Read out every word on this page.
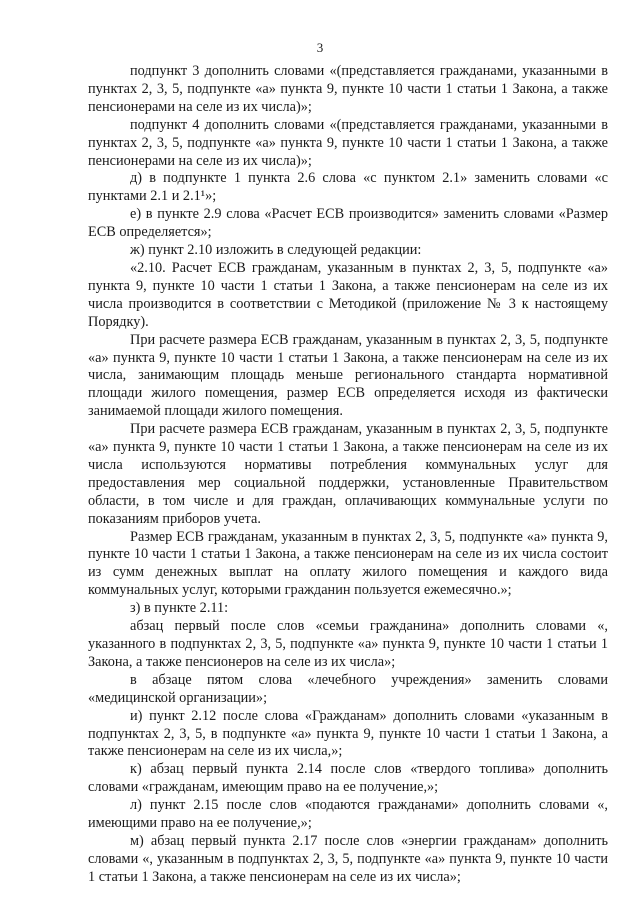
3

подпункт 3 дополнить словами «(представляется гражданами, указанными в пунктах 2, 3, 5, подпункте «а» пункта 9, пункте 10 части 1 статьи 1 Закона, а также пенсионерами на селе из их числа)»;

подпункт 4 дополнить словами «(представляется гражданами, указанными в пунктах 2, 3, 5, подпункте «а» пункта 9, пункте 10 части 1 статьи 1 Закона, а также пенсионерами на селе из их числа)»;

д) в подпункте 1 пункта 2.6 слова «с пунктом 2.1» заменить словами «с пунктами 2.1 и 2.1¹»;

е) в пункте 2.9 слова «Расчет ЕСВ производится» заменить словами «Размер ЕСВ определяется»;

ж) пункт 2.10 изложить в следующей редакции:

«2.10. Расчет ЕСВ гражданам, указанным в пунктах 2, 3, 5, подпункте «а» пункта 9, пункте 10 части 1 статьи 1 Закона, а также пенсионерам на селе из их числа производится в соответствии с Методикой (приложение № 3 к настоящему Порядку).

При расчете размера ЕСВ гражданам, указанным в пунктах 2, 3, 5, подпункте «а» пункта 9, пункте 10 части 1 статьи 1 Закона, а также пенсионерам на селе из их числа, занимающим площадь меньше регионального стандарта нормативной площади жилого помещения, размер ЕСВ определяется исходя из фактически занимаемой площади жилого помещения.

При расчете размера ЕСВ гражданам, указанным в пунктах 2, 3, 5, подпункте «а» пункта 9, пункте 10 части 1 статьи 1 Закона, а также пенсионерам на селе из их числа используются нормативы потребления коммунальных услуг для предоставления мер социальной поддержки, установленные Правительством области, в том числе и для граждан, оплачивающих коммунальные услуги по показаниям приборов учета.

Размер ЕСВ гражданам, указанным в пунктах 2, 3, 5, подпункте «а» пункта 9, пункте 10 части 1 статьи 1 Закона, а также пенсионерам на селе из их числа состоит из сумм денежных выплат на оплату жилого помещения и каждого вида коммунальных услуг, которыми гражданин пользуется ежемесячно.»;

з) в пункте 2.11:

абзац первый после слов «семьи гражданина» дополнить словами «, указанного в подпунктах 2, 3, 5, подпункте «а» пункта 9, пункте 10 части 1 статьи 1 Закона, а также пенсионеров на селе из их числа»;

в абзаце пятом слова «лечебного учреждения» заменить словами «медицинской организации»;

и) пункт 2.12 после слова «Гражданам» дополнить словами «указанным в подпунктах 2, 3, 5, в подпункте «а» пункта 9, пункте 10 части 1 статьи 1 Закона, а также пенсионерам на селе из их числа,»;

к) абзац первый пункта 2.14 после слов «твердого топлива» дополнить словами «гражданам, имеющим право на ее получение,»;

л) пункт 2.15 после слов «подаются гражданами» дополнить словами «, имеющими право на ее получение,»;

м) абзац первый пункта 2.17 после слов «энергии гражданам» дополнить словами «, указанным в подпунктах 2, 3, 5, подпункте «а» пункта 9, пункте 10 части 1 статьи 1 Закона, а также пенсионерам на селе из их числа»;
